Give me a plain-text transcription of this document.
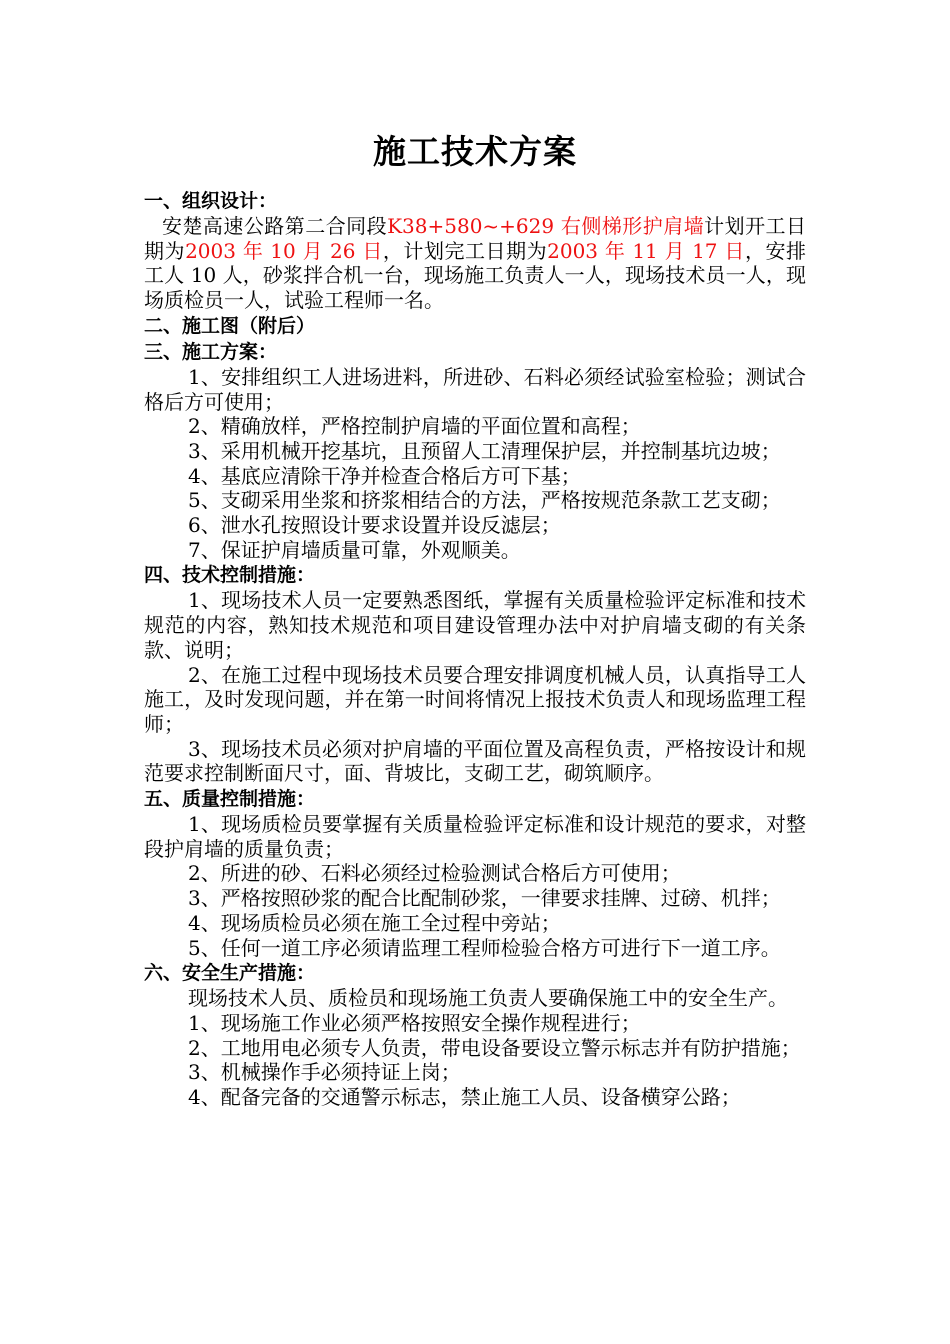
施工技术方案
一、组织设计：

安楚高速公路第二合同段K38+580~+629 右侧梯形护肩墙计划开工日期为2003 年 10 月 26 日，计划完工日期为2003 年 11 月 17 日，安排工人 10 人，砂浆拌合机一台，现场施工负责人一人，现场技术员一人，现场质检员一人，试验工程师一名。

二、施工图（附后）
三、施工方案：

1、安排组织工人进场进料，所进砂、石料必须经试验室检验；测试合格后方可使用；

2、精确放样，严格控制护肩墙的平面位置和高程；

3、采用机械开挖基坑，且预留人工清理保护层，并控制基坑边坡；

4、基底应清除干净并检查合格后方可下基；

5、支砌采用坐浆和挤浆相结合的方法，严格按规范条款工艺支砌；

6、泄水孔按照设计要求设置并设反滤层；

7、保证护肩墙质量可靠，外观顺美。

四、技术控制措施：

1、现场技术人员一定要熟悉图纸，掌握有关质量检验评定标准和技术规范的内容，熟知技术规范和项目建设管理办法中对护肩墙支砌的有关条款、说明；

2、在施工过程中现场技术员要合理安排调度机械人员，认真指导工人施工，及时发现问题，并在第一时间将情况上报技术负责人和现场监理工程师；

3、现场技术员必须对护肩墙的平面位置及高程负责，严格按设计和规范要求控制断面尺寸，面、背坡比，支砌工艺，砌筑顺序。

五、质量控制措施：

1、现场质检员要掌握有关质量检验评定标准和设计规范的要求，对整段护肩墙的质量负责；

2、所进的砂、石料必须经过检验测试合格后方可使用；

3、严格按照砂浆的配合比配制砂浆，一律要求挂牌、过磅、机拌；

4、现场质检员必须在施工全过程中旁站；

5、任何一道工序必须请监理工程师检验合格方可进行下一道工序。

六、安全生产措施：

现场技术人员、质检员和现场施工负责人要确保施工中的安全生产。

1、现场施工作业必须严格按照安全操作规程进行；

2、工地用电必须专人负责，带电设备要设立警示标志并有防护措施；

3、机械操作手必须持证上岗；

4、配备完备的交通警示标志，禁止施工人员、设备横穿公路；
